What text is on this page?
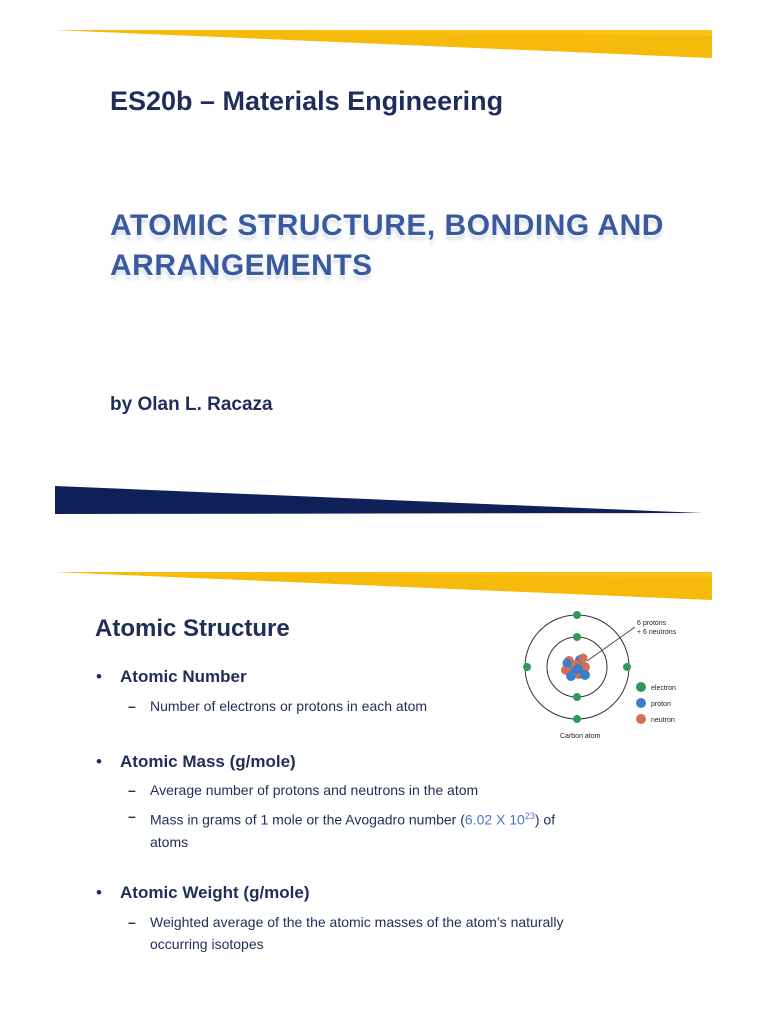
ES20b – Materials Engineering
ATOMIC STRUCTURE, BONDING AND
ARRANGEMENTS
by Olan L. Racaza
Atomic Structure
• Atomic Number
– Number of electrons or protons in each atom
• Atomic Mass (g/mole)
– Average number of protons and neutrons in the atom
– Mass in grams of 1 mole or the Avogadro number (6.02 X $10^{23}$) of
atoms
• Atomic Weight (g/mole)
– Weighted average of the the atomic masses of the atom’s naturally
occurring isotopes
6 protons
+ 6 neutrons
electron
proton
neutron
Carbon atom
